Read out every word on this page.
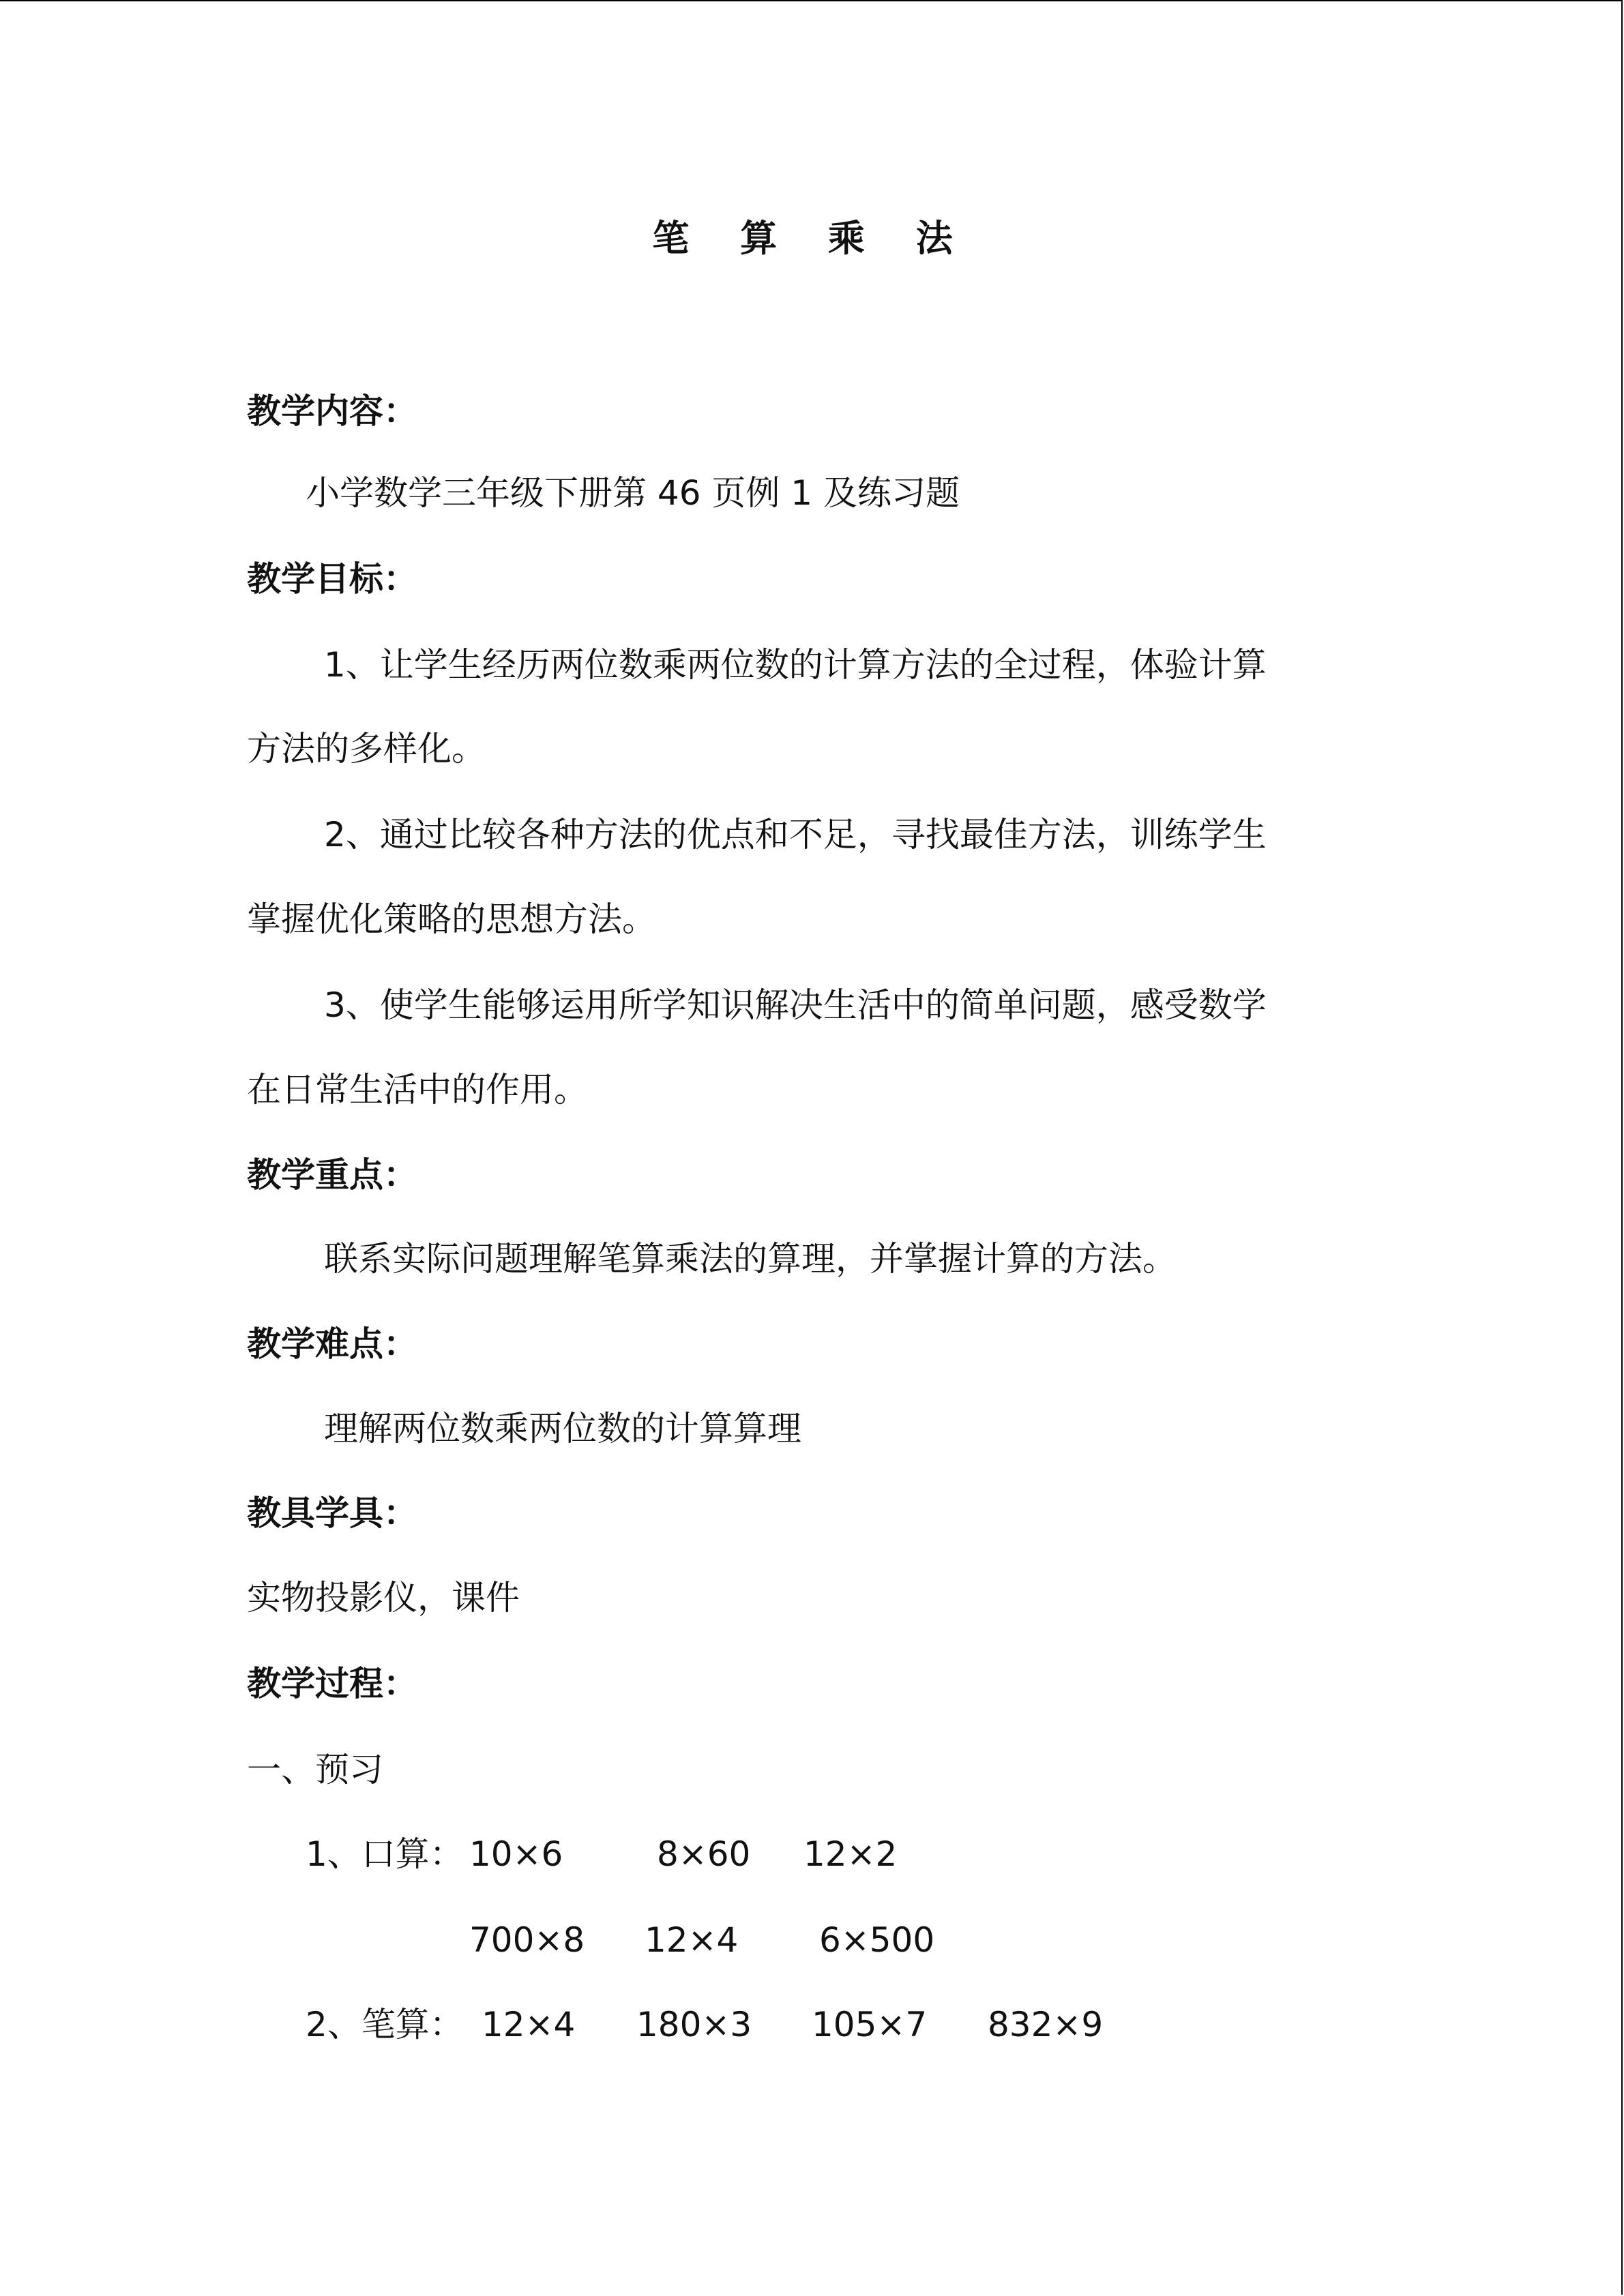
笔 算 乘 法
教学内容：
小学数学三年级下册第 46 页例 1 及练习题
教学目标：
1、让学生经历两位数乘两位数的计算方法的全过程，体验计算
方法的多样化。
2、通过比较各种方法的优点和不足，寻找最佳方法，训练学生
掌握优化策略的思想方法。
3、使学生能够运用所学知识解决生活中的简单问题，感受数学
在日常生活中的作用。
教学重点：
联系实际问题理解笔算乘法的算理，并掌握计算的方法。
教学难点：
理解两位数乘两位数的计算算理
教具学具：
实物投影仪，课件
教学过程：
一、预习
1、口算： 10×6	8×60 12×2
700×8 12×4 6×500
2、笔算： 12×4 180×3 105×7 832×9
